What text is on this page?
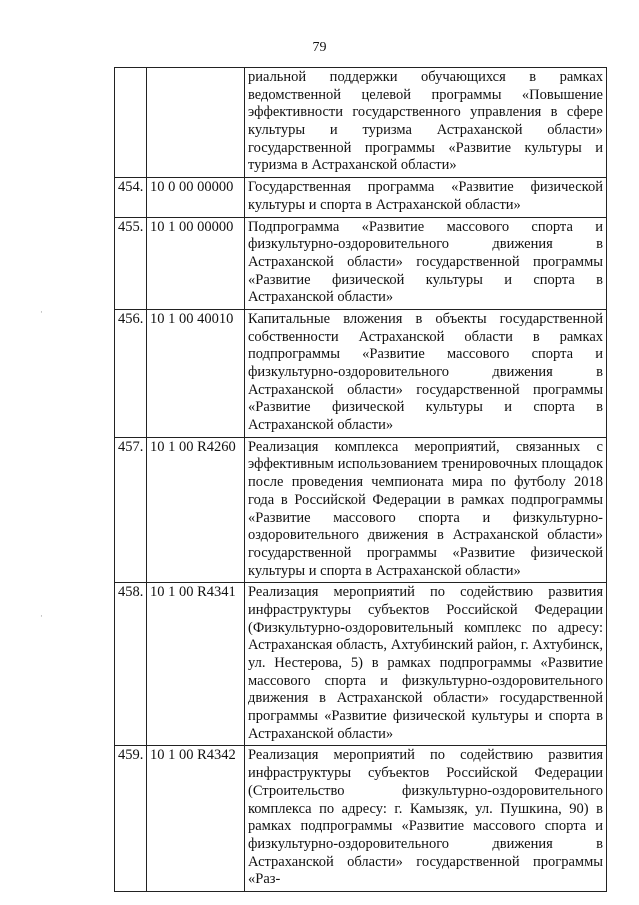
79
		риальной поддержки обучающихся в рамках ведомственной целевой программы «Повышение эффективности государственного управления в сфере культуры и туризма Астраханской области» государственной программы «Развитие культуры и туризма в Астраханской области»
454.	10 0 00 00000	Государственная программа «Развитие физической культуры и спорта в Астраханской области»
455.	10 1 00 00000	Подпрограмма «Развитие массового спорта и физкультурно-оздоровительного движения в Астраханской области» государственной программы «Развитие физической культуры и спорта в Астраханской области»
456.	10 1 00 40010	Капитальные вложения в объекты государственной собственности Астраханской области в рамках подпрограммы «Развитие массового спорта и физкультурно-оздоровительного движения в Астраханской области» государственной программы «Развитие физической культуры и спорта в Астраханской области»
457.	10 1 00 R4260	Реализация комплекса мероприятий, связанных с эффективным использованием тренировочных площадок после проведения чемпионата мира по футболу 2018 года в Российской Федерации в рамках подпрограммы «Развитие массового спорта и физкультурно-оздоровительного движения в Астраханской области» государственной программы «Развитие физической культуры и спорта в Астраханской области»
458.	10 1 00 R4341	Реализация мероприятий по содействию развития инфраструктуры субъектов Российской Федерации (Физкультурно-оздоровительный комплекс по адресу: Астраханская область, Ахтубинский район, г. Ахтубинск, ул. Нестерова, 5) в рамках подпрограммы «Развитие массового спорта и физкультурно-оздоровительного движения в Астраханской области» государственной программы «Развитие физической культуры и спорта в Астраханской области»
459.	10 1 00 R4342	Реализация мероприятий по содействию развития инфраструктуры субъектов Российской Федерации (Строительство физкультурно-оздоровительного комплекса по адресу: г. Камызяк, ул. Пушкина, 90) в рамках подпрограммы «Развитие массового спорта и физкультурно-оздоровительного движения в Астраханской области» государственной программы «Раз-
·
·
